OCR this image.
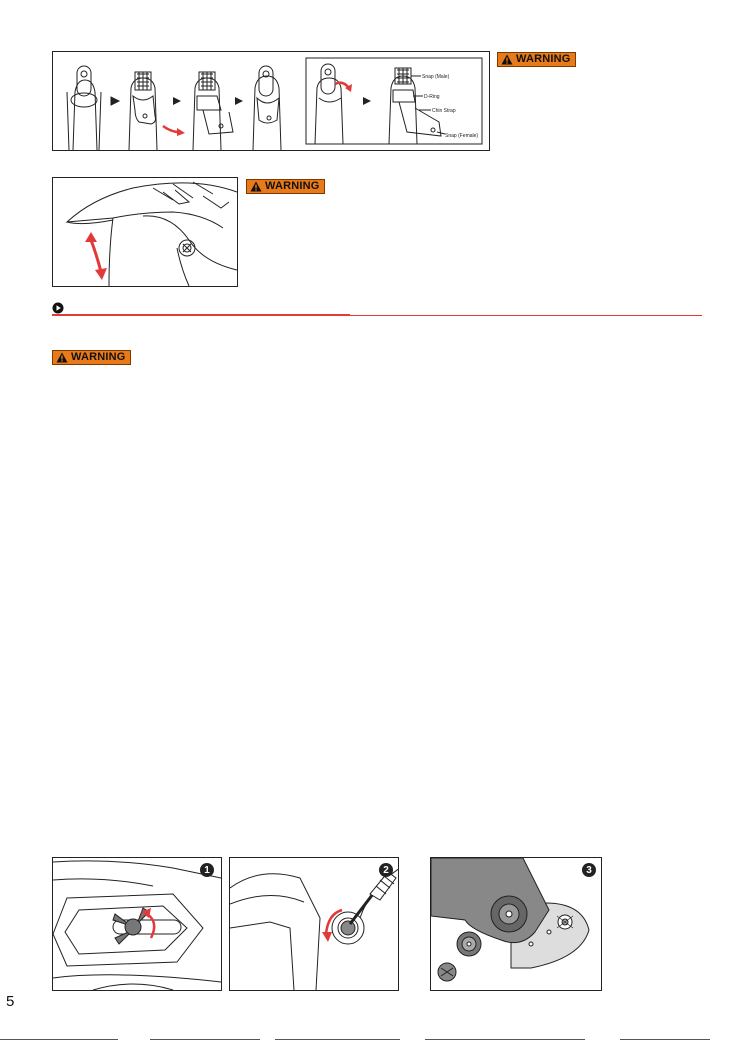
Snap (Male)
D-Ring
Chin Strap
Snap (Female)
WARNING
WARNING
WARNING
1	2	3
5
